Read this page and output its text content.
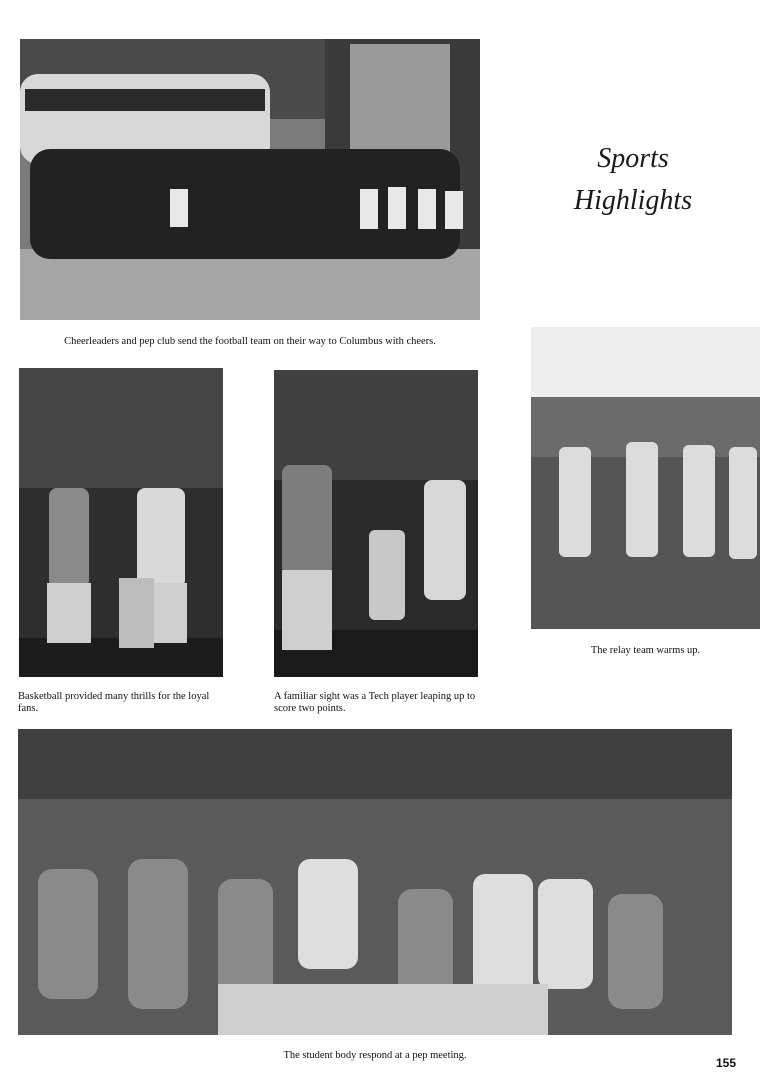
Sports
Highlights
Cheerleaders and pep club send the football team on their way to Columbus with cheers.
Basketball provided many thrills for the loyal fans.
A familiar sight was a Tech player leaping up to score two points.
The relay team warms up.
The student body respond at a pep meeting.
155
